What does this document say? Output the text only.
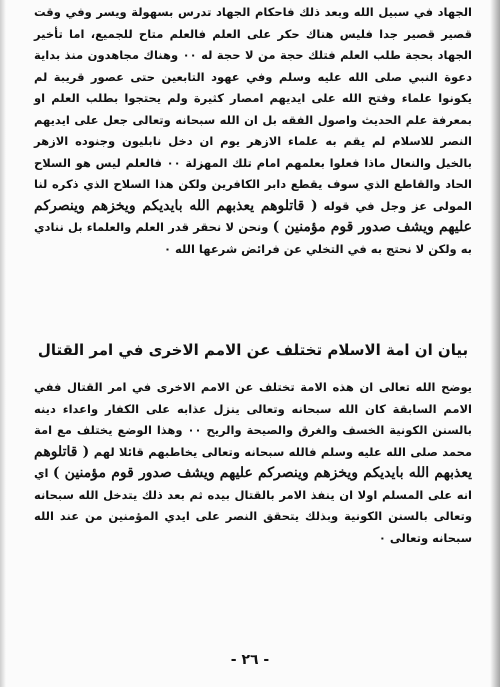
الجهاد في سبيل الله وبعد ذلك فاحكام الجهاد تدرس بسهولة ويسر وفي وقت قصير قصير جدا فليس هناك حكر على العلم فالعلم متاح للجميع، اما تأخير الجهاد بحجة طلب العلم فتلك حجة من لا حجة له ٠٠ وهناك مجاهدون منذ بداية دعوة النبي صلى الله عليه وسلم وفي عهود التابعين حتى عصور قريبة لم يكونوا علماء وفتح الله على ايديهم امصار كثيرة ولم يحتجوا بطلب العلم او بمعرفة علم الحديث واصول الفقه بل ان الله سبحانه وتعالى جعل على ايديهم النصر للاسلام لم يقم به علماء الازهر يوم ان دخل نابليون وجنوده الازهر بالخيل والنعال ماذا فعلوا بعلمهم امام تلك المهزلة ٠٠ فالعلم ليس هو السلاح الحاد والقاطع الذي سوف يقطع دابر الكافرين ولكن هذا السلاح الذي ذكره لنا المولى عز وجل في قوله ( قاتلوهم يعذبهم الله بايديكم ويخزهم وينصركم عليهم ويشف صدور قوم مؤمنين ) ونحن لا نحقر قدر العلم والعلماء بل ننادي به ولكن لا نحتج به في التخلي عن فرائض شرعها الله ٠

بيان ان امة الاسلام تختلف عن الامم الاخرى في امر القتال

يوضح الله تعالى ان هذه الامة تختلف عن الامم الاخرى في امر القتال ففي الامم السابقة كان الله سبحانه وتعالى ينزل عذابه على الكفار واعداء دينه بالسنن الكونية الخسف والغرق والصيحة والريح ٠٠ وهذا الوضع يختلف مع امة محمد صلى الله عليه وسلم فالله سبحانه وتعالى يخاطبهم قائلا لهم ( قاتلوهم يعذبهم الله بايديكم ويخزهم وينصركم عليهم ويشف صدور قوم مؤمنين ) اي انه على المسلم اولا ان ينفذ الامر بالقتال بيده ثم بعد ذلك يتدخل الله سبحانه وتعالى بالسنن الكونية وبذلك يتحقق النصر على ايدي المؤمنين من عند الله سبحانه وتعالى ٠

- ٢٦ -
